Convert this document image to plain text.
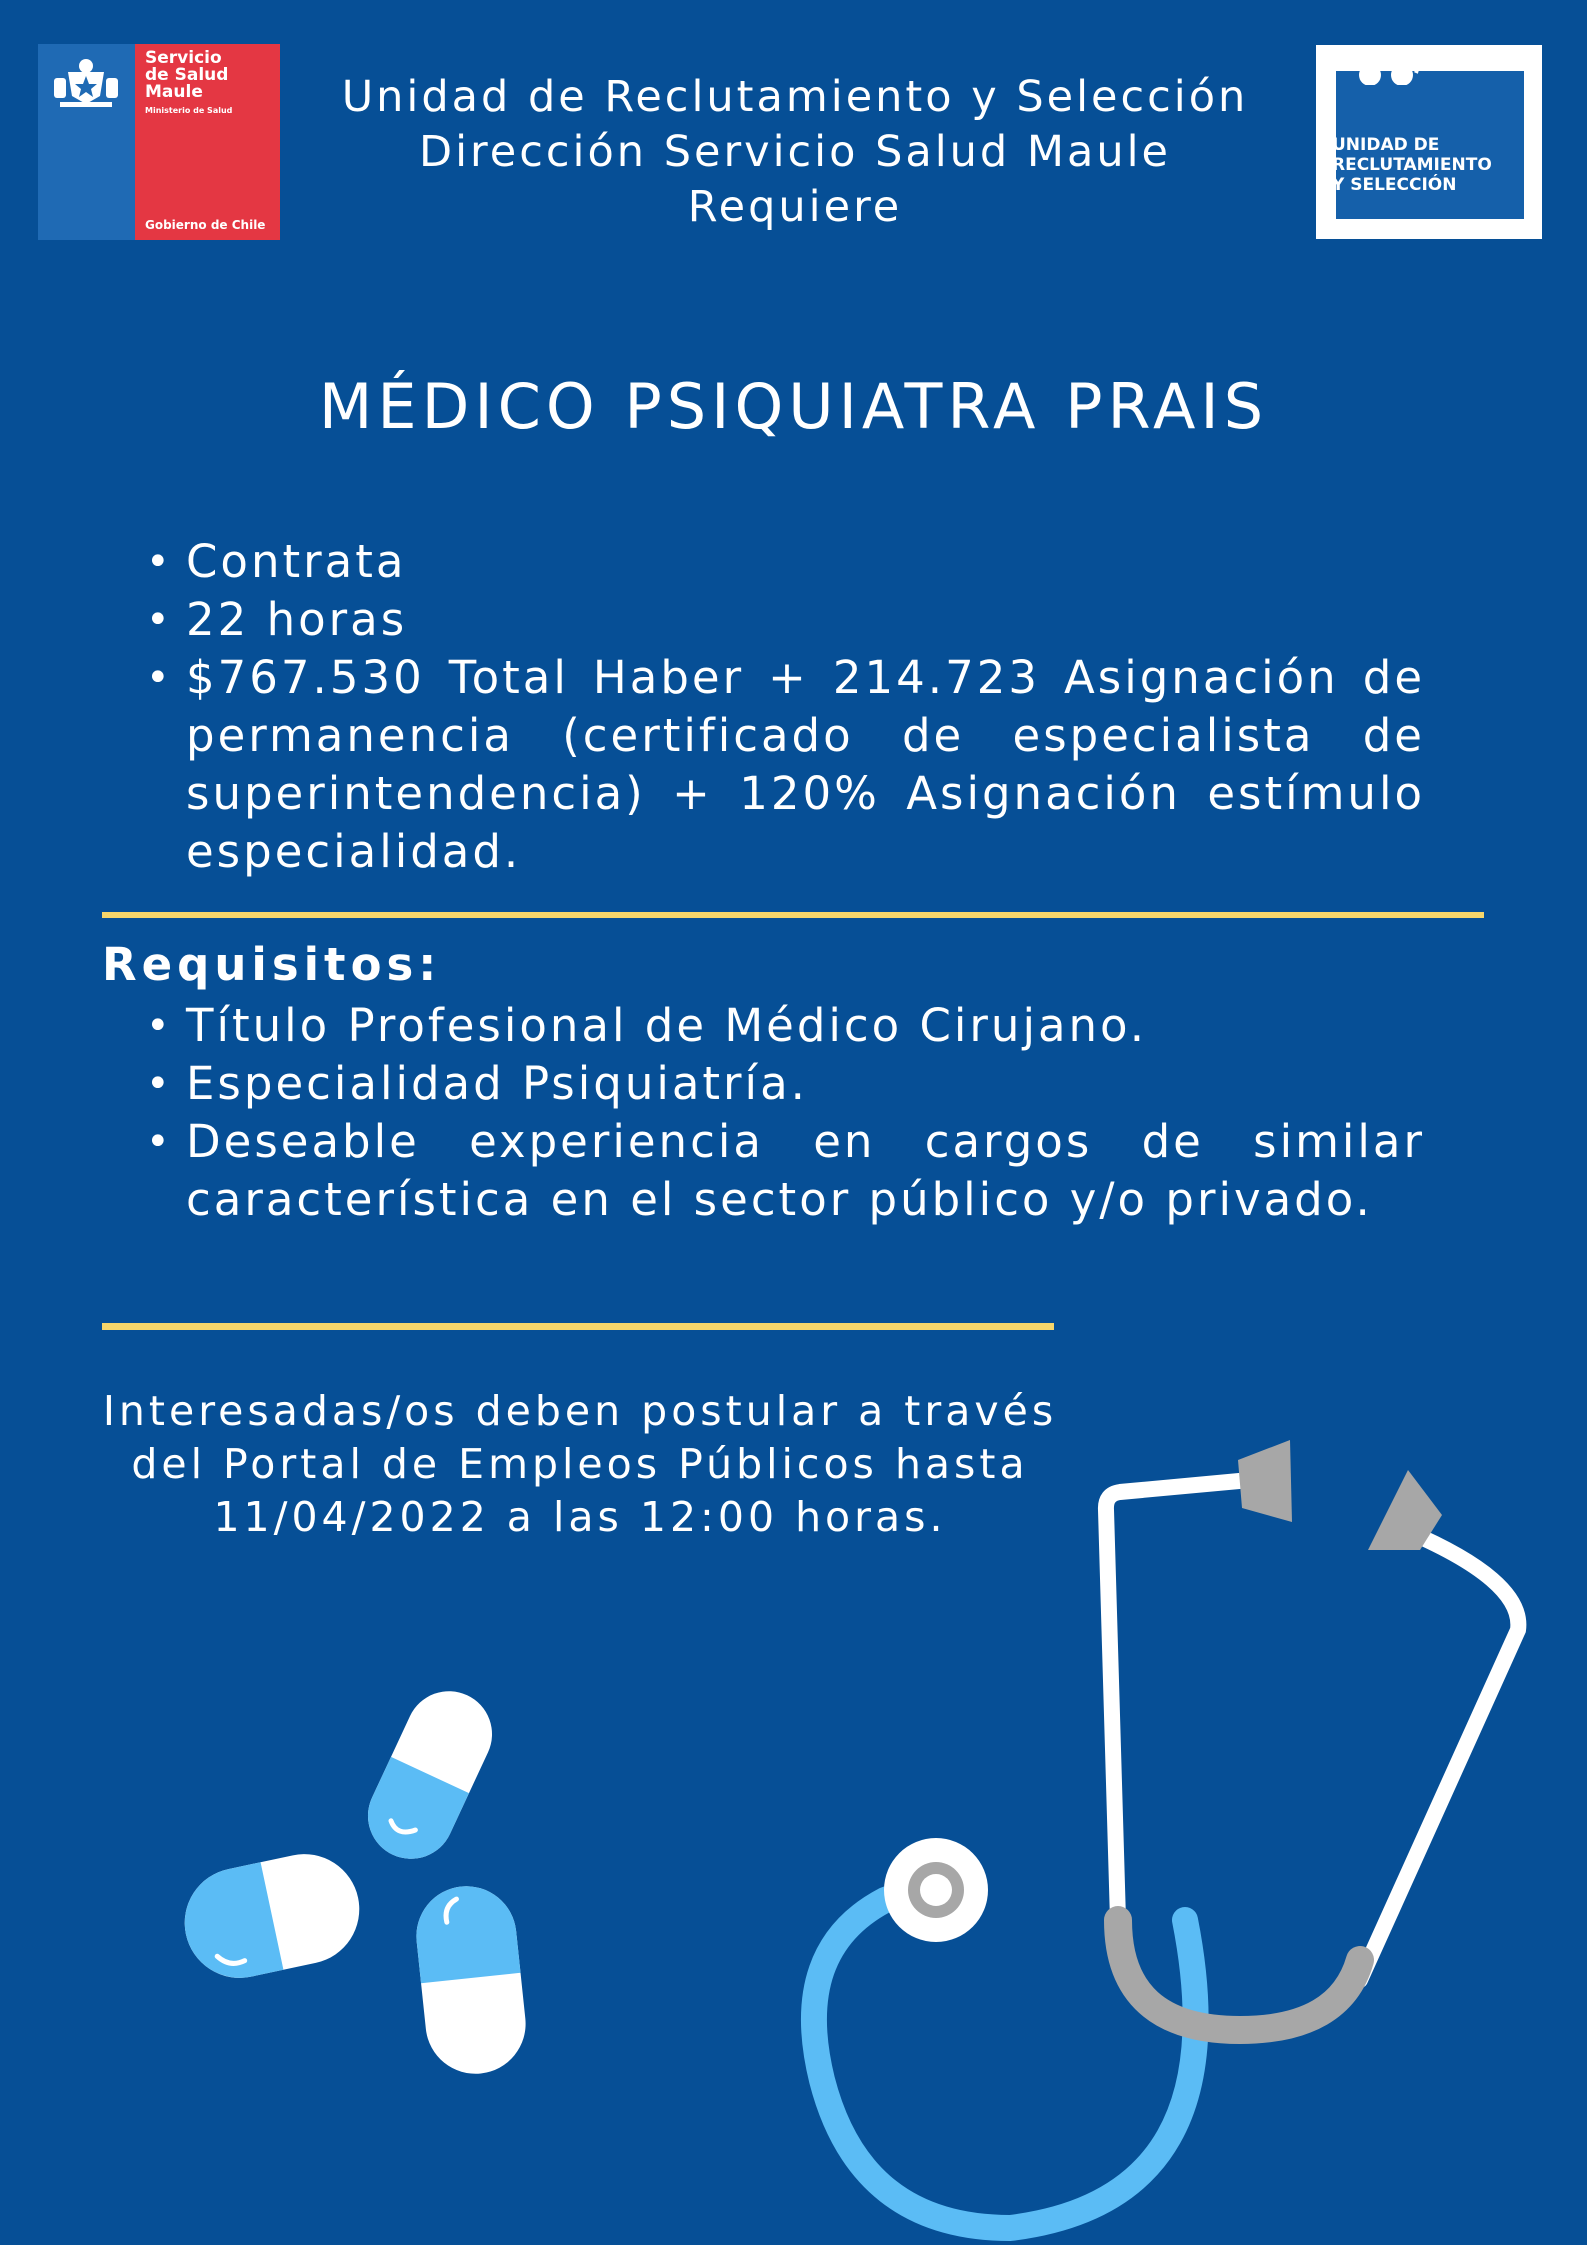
Servicio
de Salud
Maule
Ministerio de Salud
Gobierno de Chile
Unidad de Reclutamiento y Selección
Dirección Servicio Salud Maule
Requiere
UNIDAD DE
RECLUTAMIENTO
Y SELECCIÓN
MÉDICO PSIQUIATRA PRAIS
• Contrata
• 22 horas
• $767.530 Total Haber + 214.723 Asignación de permanencia (certificado de especialista de superintendencia) + 120% Asignación estímulo especialidad.
Requisitos:
• Título Profesional de Médico Cirujano.
• Especialidad Psiquiatría.
• Deseable experiencia en cargos de similar característica en el sector público y/o privado.
Interesadas/os deben postular a través
del Portal de Empleos Públicos hasta
11/04/2022 a las 12:00 horas.
